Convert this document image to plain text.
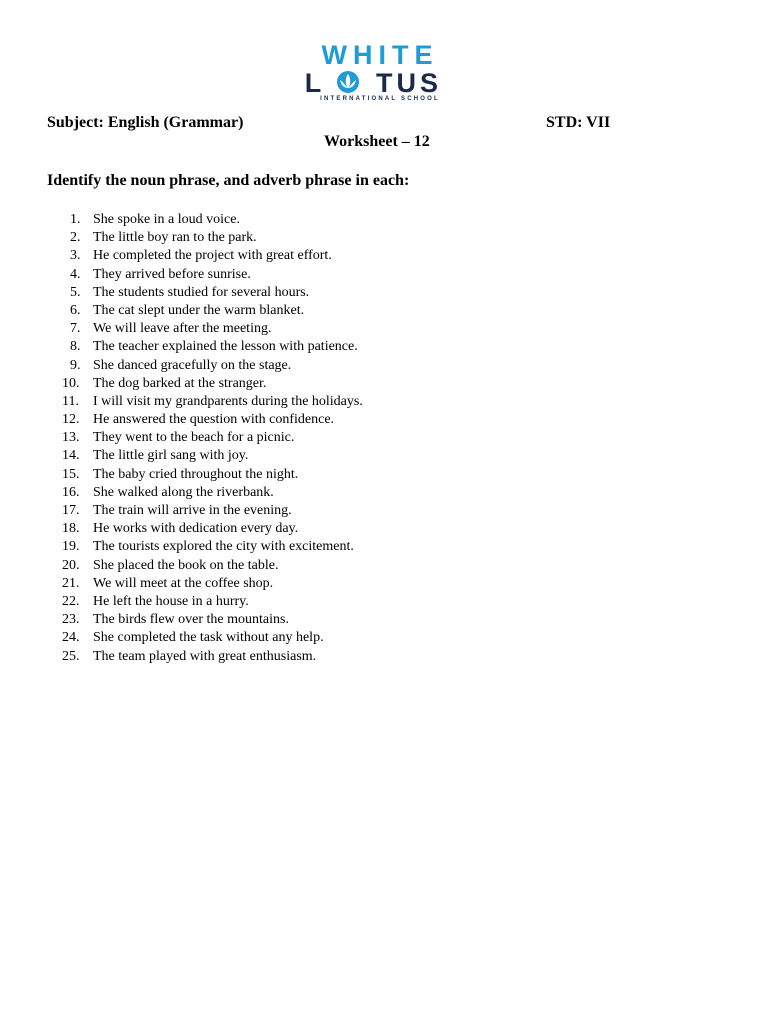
WHITE
L TUS
INTERNATIONAL SCHOOL
Subject: English (Grammar)	STD: VII
Worksheet – 12
Identify the noun phrase, and adverb phrase in each:
1. She spoke in a loud voice.
2. The little boy ran to the park.
3. He completed the project with great effort.
4. They arrived before sunrise.
5. The students studied for several hours.
6. The cat slept under the warm blanket.
7. We will leave after the meeting.
8. The teacher explained the lesson with patience.
9. She danced gracefully on the stage.
10. The dog barked at the stranger.
11.	I will visit my grandparents during the holidays.
12. He answered the question with confidence.
13. They went to the beach for a picnic.
14. The little girl sang with joy.
15. The baby cried throughout the night.
16. She walked along the riverbank.
17. The train will arrive in the evening.
18. He works with dedication every day.
19. The tourists explored the city with excitement.
20. She placed the book on the table.
21. We will meet at the coffee shop.
22. He left the house in a hurry.
23. The birds flew over the mountains.
24. She completed the task without any help.
25. The team played with great enthusiasm.
